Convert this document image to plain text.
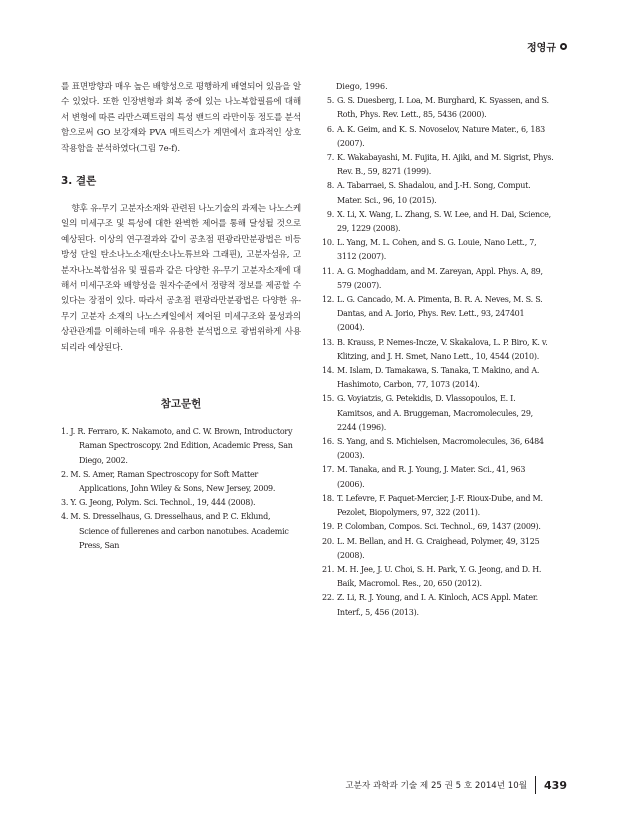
정영규

를 표면방향과 매우 높은 배향성으로 평행하게 배열되어 있음을 알 수 있었다. 또한 인장변형과 회복 중에 있는 나노복합필름에 대해서 변형에 따른 라만스펙트럼의 특성 밴드의 라만이동 정도를 분석함으로써 GO 보강재와 PVA 매트릭스가 계면에서 효과적인 상호작용함을 분석하였다(그림 7e-f).

3. 결론

향후 유-무기 고분자소재와 관련된 나노기술의 과제는 나노스케일의 미세구조 및 특성에 대한 완벽한 제어를 통해 달성될 것으로 예상된다. 이상의 연구결과와 같이 공초점 편광라만분광법은 비등방성 단일 탄소나노소재(탄소나노튜브와 그래핀), 고분자섬유, 고분자나노복합섬유 및 필름과 같은 다양한 유-무기 고분자소재에 대해서 미세구조와 배향성을 원자수준에서 정량적 정보를 제공할 수 있다는 장점이 있다. 따라서 공초점 편광라만분광법은 다양한 유-무기 고분자 소재의 나노스케일에서 제어된 미세구조와 물성과의 상관관계를 이해하는데 매우 유용한 분석법으로 광범위하게 사용되리라 예상된다.

참고문헌
1. J. R. Ferraro, K. Nakamoto, and C. W. Brown, Introductory Raman Spectroscopy. 2nd Edition, Academic Press, San Diego, 2002.
2. M. S. Amer, Raman Spectroscopy for Soft Matter Applications, John Wiley & Sons, New Jersey, 2009.
3. Y. G. Jeong, Polym. Sci. Technol., 19, 444 (2008).
4. M. S. Dresselhaus, G. Dresselhaus, and P. C. Eklund, Science of fullerenes and carbon nanotubes. Academic Press, San
Diego, 1996.
5. G. S. Duesberg, I. Loa, M. Burghard, K. Syassen, and S. Roth, Phys. Rev. Lett., 85, 5436 (2000).
6. A. K. Geim, and K. S. Novoselov, Nature Mater., 6, 183 (2007).
7. K. Wakabayashi, M. Fujita, H. Ajiki, and M. Sigrist, Phys. Rev. B., 59, 8271 (1999).
8. A. Tabarraei, S. Shadalou, and J.-H. Song, Comput. Mater. Sci., 96, 10 (2015).
9. X. Li, X. Wang, L. Zhang, S. W. Lee, and H. Dai, Science, 29, 1229 (2008).
10. L. Yang, M. L. Cohen, and S. G. Louie, Nano Lett., 7, 3112 (2007).
11. A. G. Moghaddam, and M. Zareyan, Appl. Phys. A, 89, 579 (2007).
12. L. G. Cancado, M. A. Pimenta, B. R. A. Neves, M. S. S. Dantas, and A. Jorio, Phys. Rev. Lett., 93, 247401 (2004).
13. B. Krauss, P. Nemes-Incze, V. Skakalova, L. P. Biro, K. v. Klitzing, and J. H. Smet, Nano Lett., 10, 4544 (2010).
14. M. Islam, D. Tamakawa, S. Tanaka, T. Makino, and A. Hashimoto, Carbon, 77, 1073 (2014).
15. G. Voyiatzis, G. Petekidis, D. Vlassopoulos, E. I. Kamitsos, and A. Bruggeman, Macromolecules, 29, 2244 (1996).
16. S. Yang, and S. Michielsen, Macromolecules, 36, 6484 (2003).
17. M. Tanaka, and R. J. Young, J. Mater. Sci., 41, 963 (2006).
18. T. Lefevre, F. Paquet-Mercier, J.-F. Rioux-Dube, and M. Pezolet, Biopolymers, 97, 322 (2011).
19. P. Colomban, Compos. Sci. Technol., 69, 1437 (2009).
20. L. M. Bellan, and H. G. Craighead, Polymer, 49, 3125 (2008).
21. M. H. Jee, J. U. Choi, S. H. Park, Y. G. Jeong, and D. H. Baik, Macromol. Res., 20, 650 (2012).
22. Z. Li, R. J. Young, and I. A. Kinloch, ACS Appl. Mater. Interf., 5, 456 (2013).
고분자 과학과 기술 제 25 권 5 호 2014년 10월 439
